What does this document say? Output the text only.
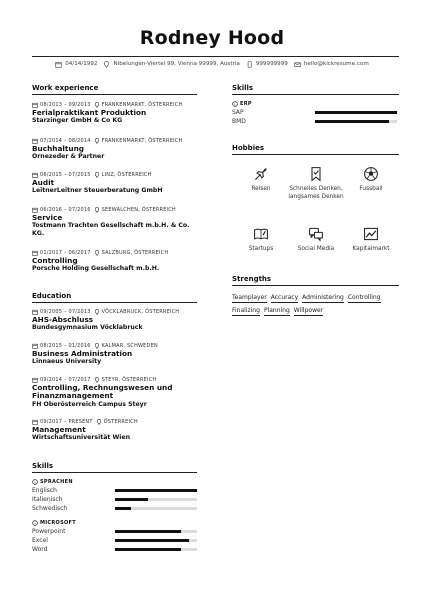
Rodney Hood
04/14/1992	Nibelungen-Viertel 99, Vienna 99999, Austria	999999999	hello@kickresume.com
Work experience
08/2013 – 09/2013 FRANKENMARKT, ÖSTERREICH
Ferialpraktikant Produktion
Starzinger GmbH & Co KG
07/2014 – 08/2014 FRANKENMARKT, ÖSTERREICH
Buchhaltung
Ornezeder & Partner
06/2015 – 07/2015 LINZ, ÖSTERREICH
Audit
LeitnerLeitner Steuerberatung GmbH
06/2016 – 07/2016 SEEWALCHEN, ÖSTERREICH
Service
Tostmann Trachten Gesellschaft m.b.H. & Co. KG.
01/2017 – 06/2017 SALZBURG, ÖSTERREICH
Controlling
Porsche Holding Gesellschaft m.b.H.
Education
09/2005 – 07/2013 VÖCKLABRUCK, ÖSTERREICH
AHS-Abschluss
Bundesgymnasium Vöcklabruck
08/2015 – 01/2016 KALMAR, SCHWEDEN
Business Administration
Linnaeus University
09/2014 – 07/2017 STEYR, ÖSTERREICH
Controlling, Rechnungswesen und Finanzmanagement
FH Oberösterreich Campus Steyr
09/2017 – PRESENT ÖSTERREICH
Management
Wirtschaftsuniversität Wien
Skills
SPRACHEN
Englisch
Italienisch
Schwedisch
MICROSOFT
Powerpoint
Excel
Word
Skills
ERP
SAP
BMD
Hobbies
Reisen	Schnelles Denken, langsames Denken
Fussball
Startups	Social Media	Kapitalmarkt
Strengths
Teamplayer Accuracy Administering Controlling
Finalizing Planning Willpower
